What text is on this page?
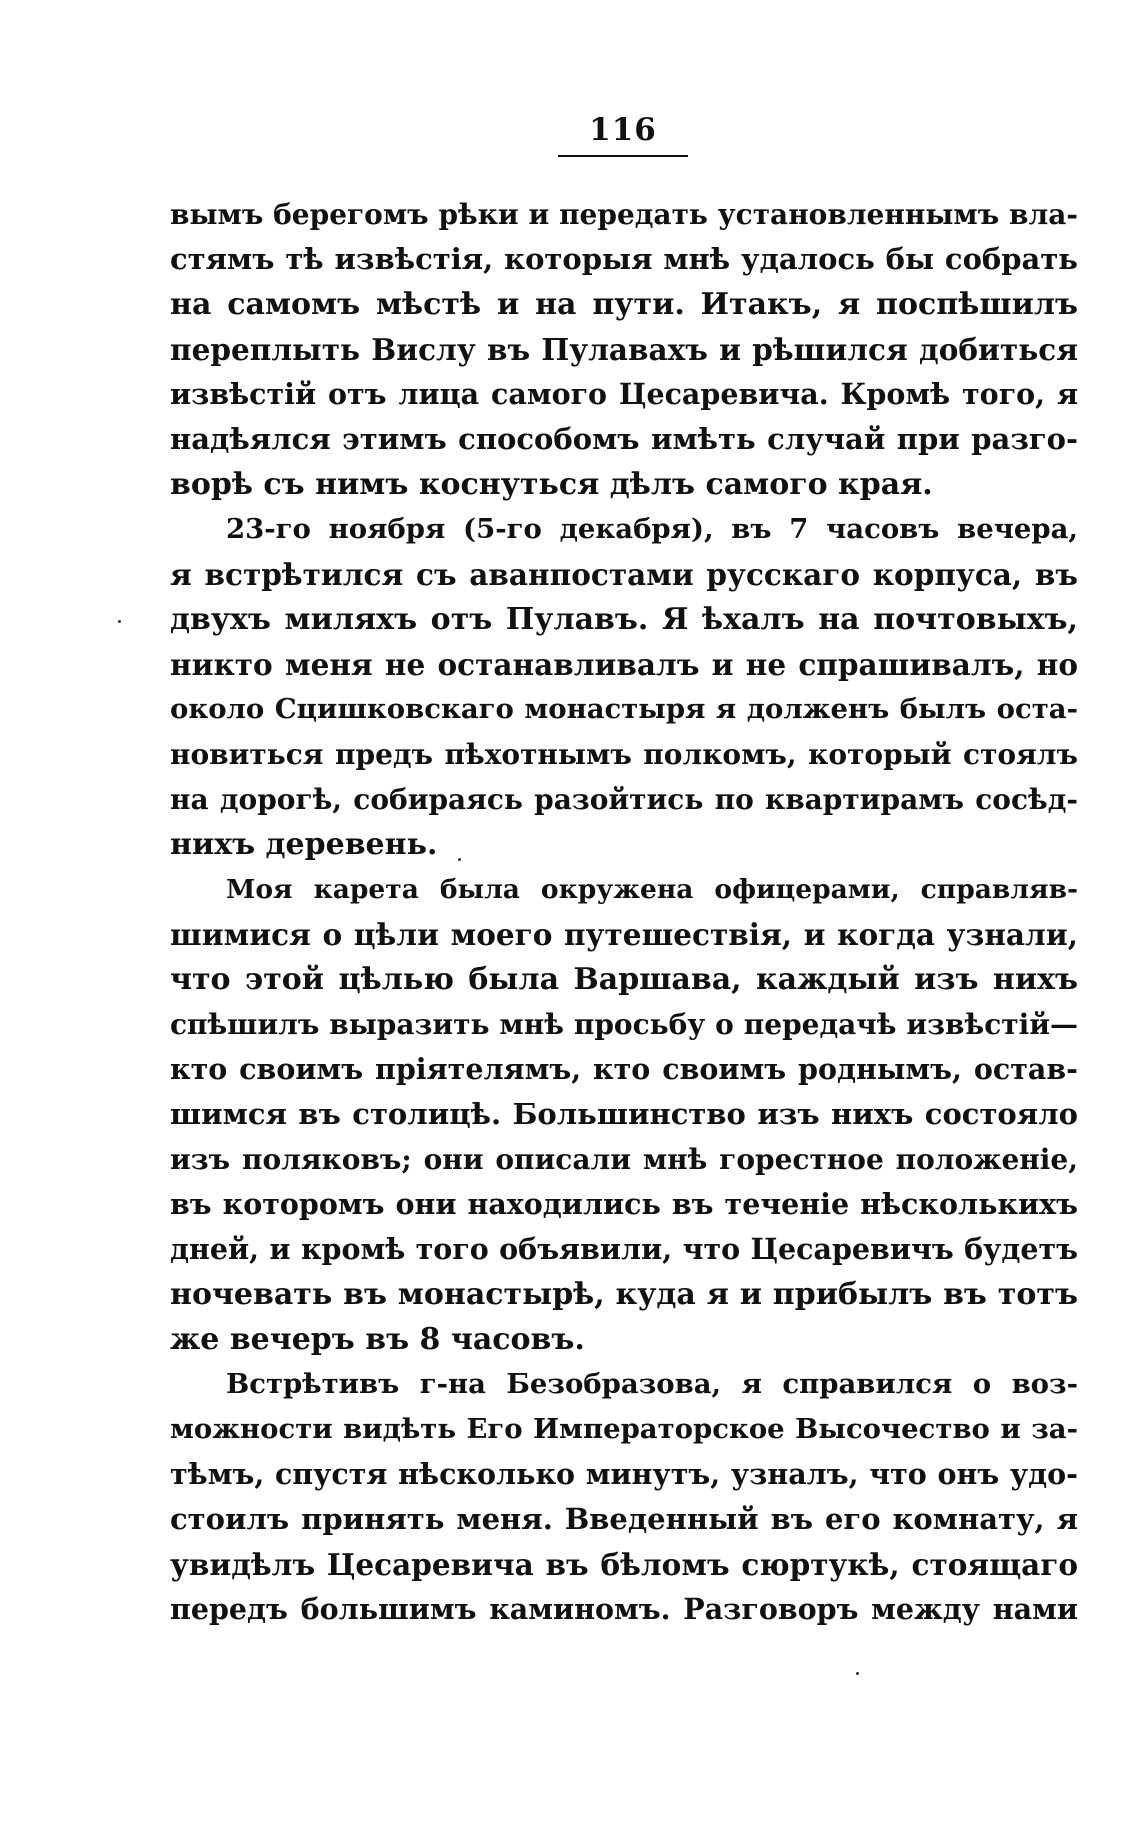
116
вымъ берегомъ рѣки и передать установленнымъ вла-
стямъ тѣ извѣстія, которыя мнѣ удалось бы собрать
на самомъ мѣстѣ и на пути. Итакъ, я поспѣшилъ
переплыть Вислу въ Пулавахъ и рѣшился добиться
извѣстій отъ лица самого Цесаревича. Кромѣ того, я
надѣялся этимъ способомъ имѣть случай при разго-
ворѣ съ нимъ коснуться дѣлъ самого края.
23-го ноября (5-го декабря), въ 7 часовъ вечера,
я встрѣтился съ аванпостами русскаго корпуса, въ
двухъ миляхъ отъ Пулавъ. Я ѣхалъ на почтовыхъ,
никто меня не останавливалъ и не спрашивалъ, но
около Сцишковскаго монастыря я долженъ былъ оста-
новиться предъ пѣхотнымъ полкомъ, который стоялъ
на дорогѣ, собираясь разойтись по квартирамъ сосѣд-
нихъ деревень.
Моя карета была окружена офицерами, справляв-
шимися о цѣли моего путешествія, и когда узнали,
что этой цѣлью была Варшава, каждый изъ нихъ
спѣшилъ выразить мнѣ просьбу о передачѣ извѣстій—
кто своимъ пріятелямъ, кто своимъ роднымъ, остав-
шимся въ столицѣ. Большинство изъ нихъ состояло
изъ поляковъ; они описали мнѣ горестное положеніе,
въ которомъ они находились въ теченіе нѣсколькихъ
дней, и кромѣ того объявили, что Цесаревичъ будетъ
ночевать въ монастырѣ, куда я и прибылъ въ тотъ
же вечеръ въ 8 часовъ.
Встрѣтивъ г-на Безобразова, я справился о воз-
можности видѣть Его Императорское Высочество и за-
тѣмъ, спустя нѣсколько минутъ, узналъ, что онъ удо-
стоилъ принять меня. Введенный въ его комнату, я
увидѣлъ Цесаревича въ бѣломъ сюртукѣ, стоящаго
передъ большимъ каминомъ. Разговоръ между нами
